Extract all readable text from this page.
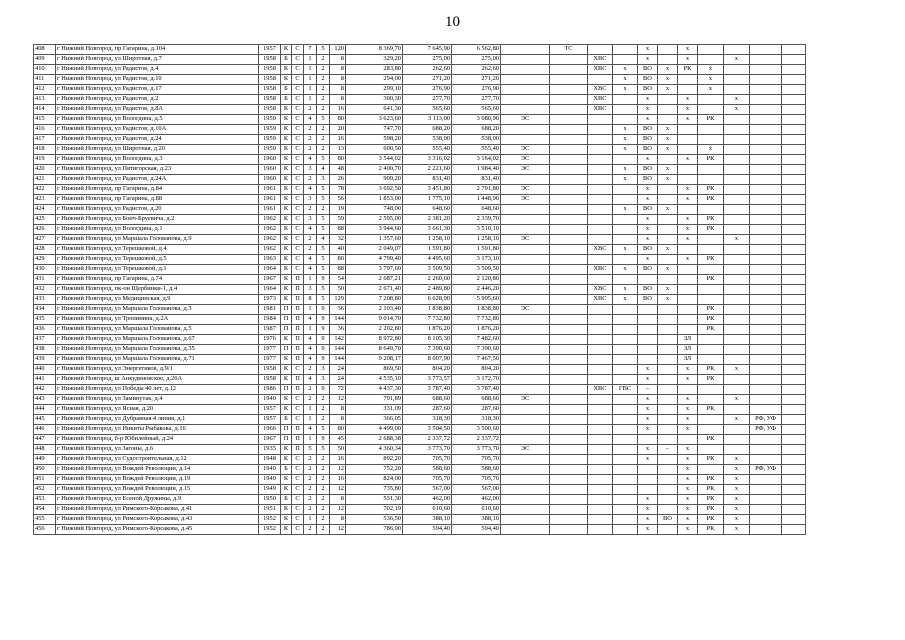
10
408	г Нижний Новгород, пр Гагарина, д.104	1957	К	С	7	5	120	8 369,70	7 645,90	6 562,80		ТС			х		х				
409	г Нижний Новгород, ул Широтная, д.7	1958	Б	С	1	2	8	329,20	275,00	275,00			ХВС		х		х		х		
410	г Нижний Новгород, ул Радистов, д.4	1958	К	С	1	2	8	283,80	262,60	262,60			ХВС	х	ВО	х	РК	х			
411	г Нижний Новгород, ул Радистов, д.10	1958	К	С	1	2	8	294,00	271,20	271,20				х	ВО	х		х			
412	г Нижний Новгород, ул Радистов, д.17	1958	Б	С	1	2	8	299,10	276,90	276,90			ХВС	х	ВО	х		х			
413	г Нижний Новгород, ул Радистов, д.2	1958	Б	С	1	2	8	300,30	277,70	277,70			ХВС		х		х		х		
414	г Нижний Новгород, ул Радистов, д.8А	1958	К	С	2	2	16	641,30	565,60	565,60			ХВС		х		х		х		
415	г Нижний Новгород, ул Вологдина, д.5	1959	К	С	4	5	80	3 623,60	3 113,00	3 080,90	ЭС				х		х	РК			
416	г Нижний Новгород, ул Радистов, д.10А	1959	К	С	2	2	20	747,70	688,20	688,20				х	ВО	х					
417	г Нижний Новгород, ул Радистов, д.24	1959	К	С	2	2	16	598,20	538,00	538,00				х	ВО	х					
418	г Нижний Новгород, ул Широтная, д.20	1959	К	С	2	2	13	600,50	555,40	555,40	ЭС			х	ВО	х		х			
419	г Нижний Новгород, ул Вологдина, д.3	1960	К	С	4	5	80	3 544,02	3 316,02	3 164,02	ЭС				х		х	РК			
420	г Нижний Новгород, ул Пятигорская, д.23	1960	К	С	3	4	48	2 400,70	2 221,60	1 984,40	ЭС			х	ВО	х					
421	г Нижний Новгород, ул Радистов, д.24А	1960	К	С	2	3	26	909,20	831,40	831,40				х	ВО	х					
422	г Нижний Новгород, пр Гагарина, д.84	1961	К	С	4	5	78	3 692,50	3 451,80	2 791,80	ЭС				х		х	РК			
423	г Нижний Новгород, пр Гагарина, д.88	1961	К	С	3	5	56	1 853,00	1 775,10	1 448,90	ЭС				х		х	РК			
424	г Нижний Новгород, ул Радистов, д.20	1961	К	С	2	2	19	748,00	648,60	648,60				х	ВО	х					
425	г Нижний Новгород, ул Бонч-Бруевича, д.2	1962	К	С	3	5	59	2 595,00	2 381,20	2 339,70					х		х	РК			
426	г Нижний Новгород, ул Вологдина, д.1	1962	К	С	4	5	88	3 944,60	3 661,30	3 510,10					х		х	РК			
427	г Нижний Новгород, ул Маршала Голованова, д.9	1962	К	С	2	4	32	1 357,60	1 258,10	1 258,10	ЭС				х		х		х		
428	г Нижний Новгород, ул Терешковой, д.4	1962	К	С	2	5	40	2 049,07	1 591,80	1 591,80			ХВС	х	ВО	х					
429	г Нижний Новгород, ул Терешковой, д.5	1963	К	С	4	5	80	4 799,40	4 495,60	3 173,10					х		х	РК			
430	г Нижний Новгород, ул Терешковой, д.1	1964	К	С	4	5	88	3 797,60	3 509,50	3 509,50			ХВС	х	ВО	х					
431	г Нижний Новгород, пр Гагарина, д.74	1967	К	П	1	9	54	2 687,21	2 260,60	2 120,80								РК			
432	г Нижний Новгород, пк-он Щербинки-1, д.4	1964	К	П	3	5	50	2 671,40	2 489,80	2 446,20			ХВС	х	ВО	х					
433	г Нижний Новгород, ул Медицинская, д.9	1973	К	П	8	5	129	7 208,80	6 628,90	5 995,60			ХВС	х	ВО	х					
434	г Нижний Новгород, ул Маршала Голованова, д.3	1981	П	П	1	9	36	2 103,40	1 838,80	1 838,80	ЭС							РК			
435	г Нижний Новгород, ул Тропинина, д.2А	1984	П	П	4	9	144	9 014,70	7 732,80	7 732,80								РК			
436	г Нижний Новгород, ул Маршала Голованова, д.5	1987	П	П	1	9	36	2 202,80	1 876,20	1 876,20								РК			
437	г Нижний Новгород, ул Маршала Голованова, д.67	1976	К	П	4	9	142	8 972,80	8 105,30	7 482,60							ЗЛ				
438	г Нижний Новгород, ул Маршала Голованова, д.35	1977	П	П	4	9	144	8 649,70	7 390,60	7 390,60							ЗЛ				
439	г Нижний Новгород, ул Маршала Голованова, д.71	1977	К	П	4	9	144	9 208,17	8 007,90	7 467,50							ЗЛ				
440	г Нижний Новгород, ул Энергетиков, д.9/1	1958	К	С	2	3	24	869,50	804,20	804,20					х		х	РК	х		
441	г Нижний Новгород, ш Анкудиновское, д.26А	1958	К	П	4	3	24	4 535,10	3 773,57	3 172,70					х		х	РК			
442	г Нижний Новгород, ул Победы 40 лет, д.12	1986	П	П	2	9	72	4 437,30	3 787,40	3 787,40			ХВС	ГВС	–						
443	г Нижний Новгород, ул Заминутак, д.4	1940	К	С	2	2	12	791,89	688,60	688,60	ЭС				х		х		х		
444	г Нижний Новгород, ул Ясная, д.20	1957	К	С	1	2	8	331,09	287,60	287,60					х		х	РК			
445	г Нижний Новгород, ул Дубравная 4 линия, д.1	1957	Б	С	1	2	8	366,05	318,30	318,30					х		х		х	РФ, УФ	
446	г Нижний Новгород, ул Никиты Рыбакова, д.16	1966	П	П	4	5	80	4 499,00	3 504,50	3 500,60					х		х			РФ, УФ	
447	г Нижний Новгород, б-р Юбилейный, д.24	1967	П	П	1	9	45	2 688,38	2 337,72	2 337,72								РК			
448	г Нижний Новгород, ул Загоны, д.6	1935	К	П	5	5	50	4 360,34	3 773,70	3 773,70	ЭС				х	–	х				
449	г Нижний Новгород, ул Судостроительная, д.12	1948	К	С	2	2	16	892,20	705,70	705,70					х		х	РК	х		
450	г Нижний Новгород, ул Вождей Революции, д.14	1949	Б	С	2	2	12	752,20	588,60	588,60							х		х	РФ, УФ	
451	г Нижний Новгород, ул Вождей Революции, д.19	1949	К	С	2	2	16	824,00	705,70	705,70							х	РК	х		
452	г Нижний Новгород, ул Вождей Революции, д.15	1949	К	С	2	2	12	735,80	567,00	567,00							х	РК	х		
453	г Нижний Новгород, ул Есеной Дружины, д.9	1950	Б	С	2	2	8	531,30	462,00	462,00					х		х	РК	х		
454	г Нижний Новгород, ул Римского-Корсакова, д.41	1951	К	С	2	2	12	702,19	610,60	610,60					х		х	РК	х		
455	г Нижний Новгород, ул Римского-Корсакова, д.43	1952	К	С	1	2	8	536,50	388,10	388,10					х	ВО	х	РК	х		
456	г Нижний Новгород, ул Римского-Корсакова, д.45	1952	К	С	2	2	12	786,90	594,40	594,40					х		х	РК	х		
